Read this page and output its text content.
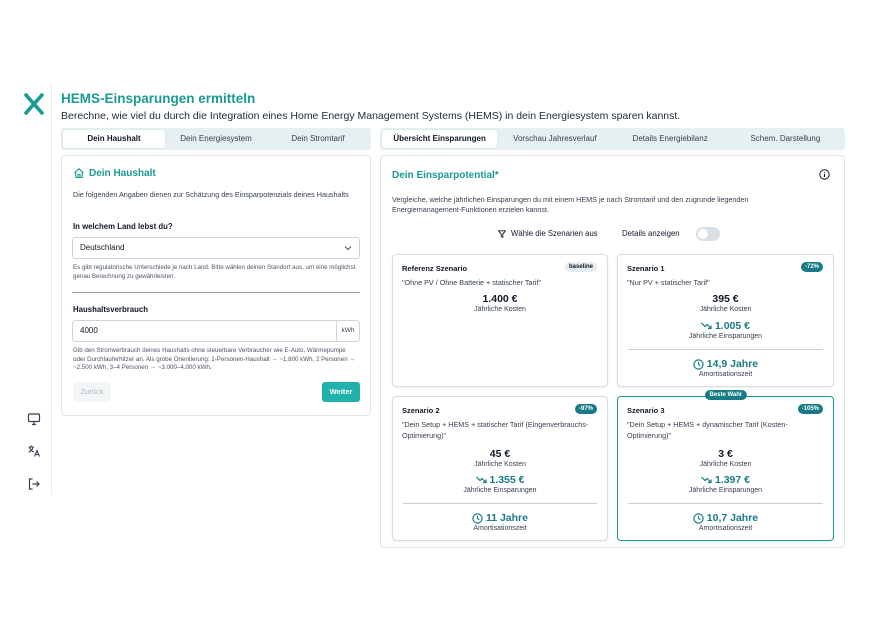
HEMS-Einsparungen ermitteln
Berechne, wie viel du durch die Integration eines Home Energy Management Systems (HEMS) in dein Energiesystem sparen kannst.
Dein Haushalt	Dein Energiesystem	Dein Stromtarif	Übersicht Einsparungen	Vorschau Jahresverlauf	Details Energiebilanz	Schem. Darstellung
Dein Haushalt
Die folgenden Angaben dienen zur Schätzung des Einsparpotenzials deines Haushalts
In welchem Land lebst du?
Deutschland
Es gibt regulatorische Unterschiede je nach Land. Bitte wählen deinen Standort aus, um eine möglichst genau Berechnung zu gewährleisten.
Haushaltsverbrauch
4000	kWh
Gib den Stromverbrauch deines Haushalts ohne steuerbare Verbraucher wie E-Auto, Wärmepumpe oder Durchlauferhitzer an. Als grobe Orientierung: 1-Personen-Haushalt → ~1.800 kWh, 2 Personen → ~2.500 kWh, 3–4 Personen → ~3.000–4.000 kWh.
Zurück	Weiter
Dein Einsparpotential*
Vergleiche, welche jährlichen Einsparungen du mit einem HEMS je nach Stromtarif und den zugrunde liegenden Energiemanagement-Funktionen erzielen kannst.
Wähle die Szenarien aus	Details anzeigen
Referenz Szenario	baseline
"Ohne PV / Ohne Batterie + statischer Tarif"
1.400 €
Jährliche Kosten
Szenario 1	-72%
"Nur PV + statischer Tarif"
395 €
Jährliche Kosten
1.005 €
Jährliche Einsparungen
14,9 Jahre
Amortisationszeit
Szenario 2	-97%
"Dein Setup + HEMS + statischer Tarif (Eingenverbrauchs-Optimierung)"
45 €
Jährliche Kosten
1.355 €
Jährliche Einsparungen
11 Jahre
Amortisationszeit
Beste Wahl
Szenario 3	-105%
"Dein Setup + HEMS + dynamischer Tarif (Kosten-Optimierung)"
3 €
Jährliche Kosten
1.397 €
Jährliche Einsparungen
10,7 Jahre
Amortisationszeit
